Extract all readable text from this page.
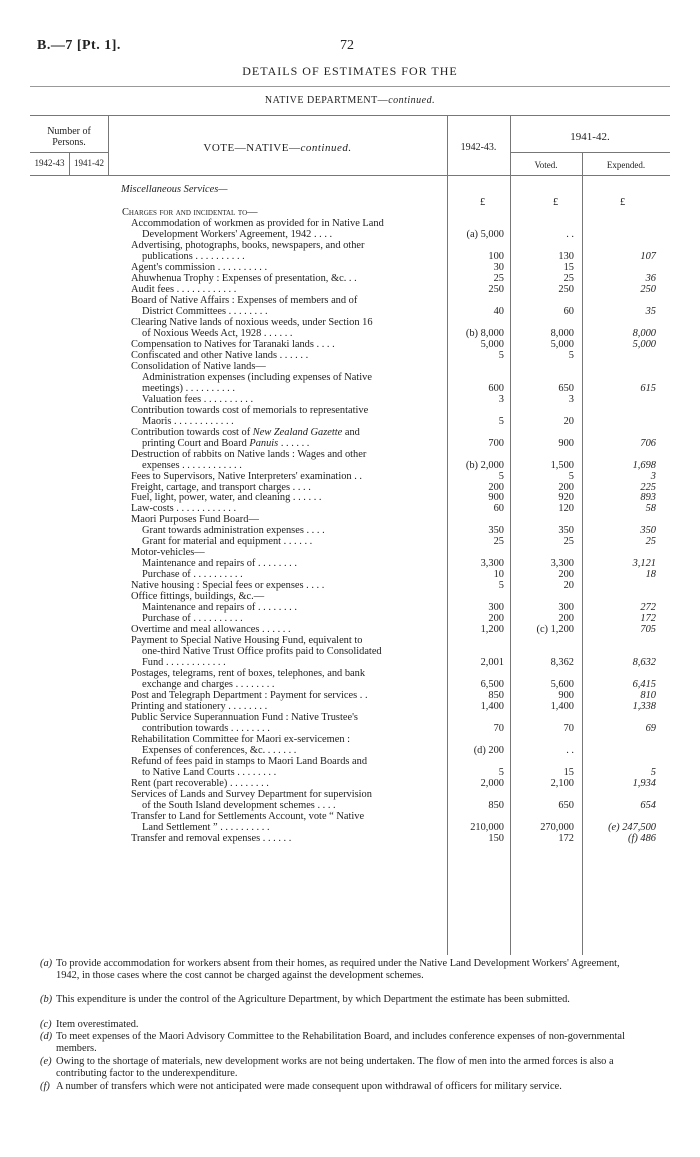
B.—7 [Pt. 1].	72
DETAILS OF ESTIMATES FOR THE
NATIVE DEPARTMENT—continued.
Number of Persons.
1942-43	1941-42
VOTE—NATIVE—continued.	1942-43.
1941-42.
Voted.	Expended.
Miscellaneous Services—
£	£	£
Charges for and incidental to—
Accommodation of workmen as provided for in Native Land
Development Workers' Agreement, 1942 . . . .	(a) 5,000	. .
Advertising, photographs, books, newspapers, and other
publications . . . . . . . . . .	100	130	107
Agent's commission . . . . . . . . . .	30	15
Ahuwhenua Trophy : Expenses of presentation, &c. . .	25	25	36
Audit fees . . . . . . . . . . . .	250	250	250
Board of Native Affairs : Expenses of members and of
District Committees . . . . . . . .	40	60	35
Clearing Native lands of noxious weeds, under Section 16
of Noxious Weeds Act, 1928 . . . . . .	(b) 8,000	8,000	8,000
Compensation to Natives for Taranaki lands . . . .	5,000	5,000	5,000
Confiscated and other Native lands . . . . . .	5	5
Consolidation of Native lands—
Administration expenses (including expenses of Native
meetings) . . . . . . . . . .	600	650	615
Valuation fees . . . . . . . . . .	3	3
Contribution towards cost of memorials to representative
Maoris . . . . . . . . . . . .	5	20
Contribution towards cost of New Zealand Gazette and
printing Court and Board Panuis . . . . . .	700	900	706
Destruction of rabbits on Native lands : Wages and other
expenses . . . . . . . . . . . .	(b) 2,000	1,500	1,698
Fees to Supervisors, Native Interpreters' examination . .	5	5	3
Freight, cartage, and transport charges . . . .	200	200	225
Fuel, light, power, water, and cleaning . . . . . .	900	920	893
Law-costs . . . . . . . . . . . .	60	120	58
Maori Purposes Fund Board—
Grant towards administration expenses . . . .	350	350	350
Grant for material and equipment . . . . . .	25	25	25
Motor-vehicles—
Maintenance and repairs of . . . . . . . .	3,300	3,300	3,121
Purchase of . . . . . . . . . .	10	200	18
Native housing : Special fees or expenses . . . .	5	20
Office fittings, buildings, &c.—
Maintenance and repairs of . . . . . . . .	300	300	272
Purchase of . . . . . . . . . .	200	200	172
Overtime and meal allowances . . . . . .	1,200	(c) 1,200	705
Payment to Special Native Housing Fund, equivalent to
one-third Native Trust Office profits paid to Consolidated
Fund . . . . . . . . . . . .	2,001	8,362	8,632
Postages, telegrams, rent of boxes, telephones, and bank
exchange and charges . . . . . . . .	6,500	5,600	6,415
Post and Telegraph Department : Payment for services . .	850	900	810
Printing and stationery . . . . . . . .	1,400	1,400	1,338
Public Service Superannuation Fund : Native Trustee's
contribution towards . . . . . . . .	70	70	69
Rehabilitation Committee for Maori ex-servicemen :
Expenses of conferences, &c. . . . . . .	(d) 200	. .
Refund of fees paid in stamps to Maori Land Boards and
to Native Land Courts . . . . . . . .	5	15	5
Rent (part recoverable) . . . . . . . .	2,000	2,100	1,934
Services of Lands and Survey Department for supervision
of the South Island development schemes . . . .	850	650	654
Transfer to Land for Settlements Account, vote “ Native
Land Settlement ” . . . . . . . . . .	210,000	270,000	(e) 247,500
Transfer and removal expenses . . . . . .	150	172	(f) 486
(a) To provide accommodation for workers absent from their homes, as required under the Native Land Development Workers' Agreement, 1942, in those cases where the cost cannot be charged against the development schemes.
(b) This expenditure is under the control of the Agriculture Department, by which Department the estimate has been submitted.
(c) Item overestimated.
(d) To meet expenses of the Maori Advisory Committee to the Rehabilitation Board, and includes conference expenses of non-governmental members.
(e) Owing to the shortage of materials, new development works are not being undertaken. The flow of men into the armed forces is also a contributing factor to the underexpenditure.
(f) A number of transfers which were not anticipated were made consequent upon withdrawal of officers for military service.
